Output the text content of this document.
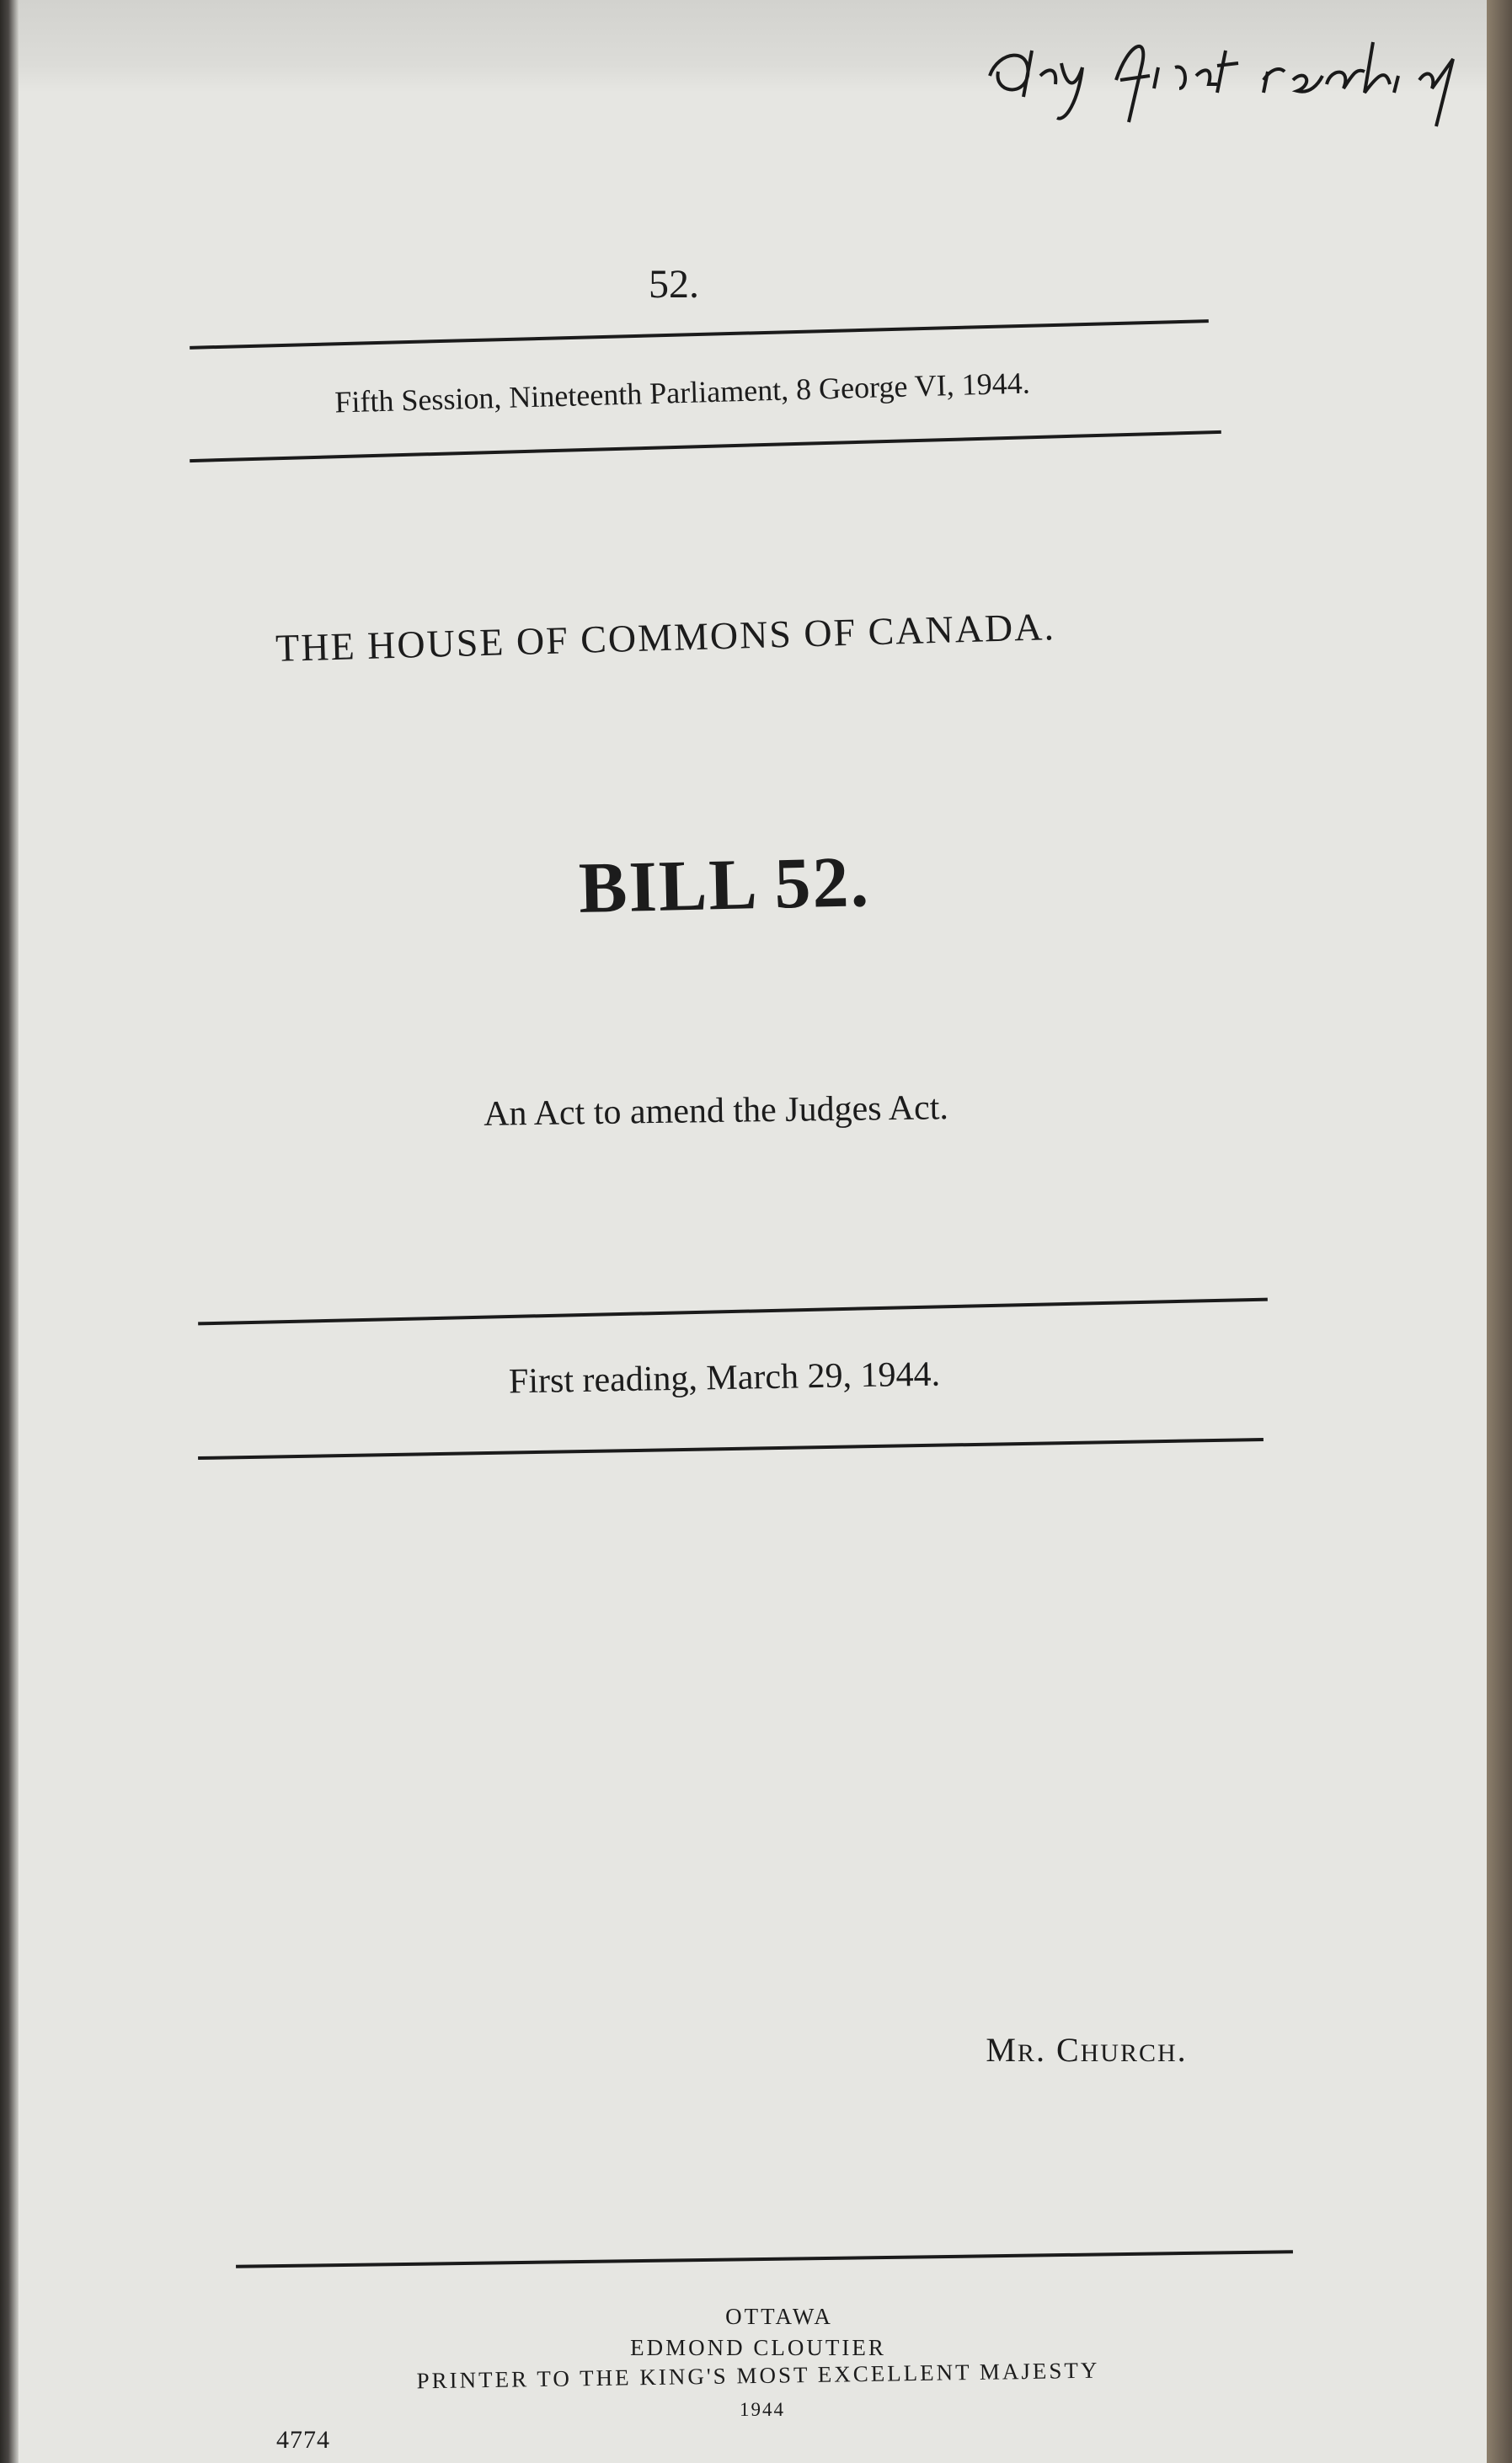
Only first reading
52.
Fifth Session, Nineteenth Parliament, 8 George VI, 1944.
THE HOUSE OF COMMONS OF CANADA.
BILL 52.
An Act to amend the Judges Act.
First reading, March 29, 1944.
MR. CHURCH.
OTTAWA
EDMOND CLOUTIER
PRINTER TO THE KING'S MOST EXCELLENT MAJESTY
1944
4774
